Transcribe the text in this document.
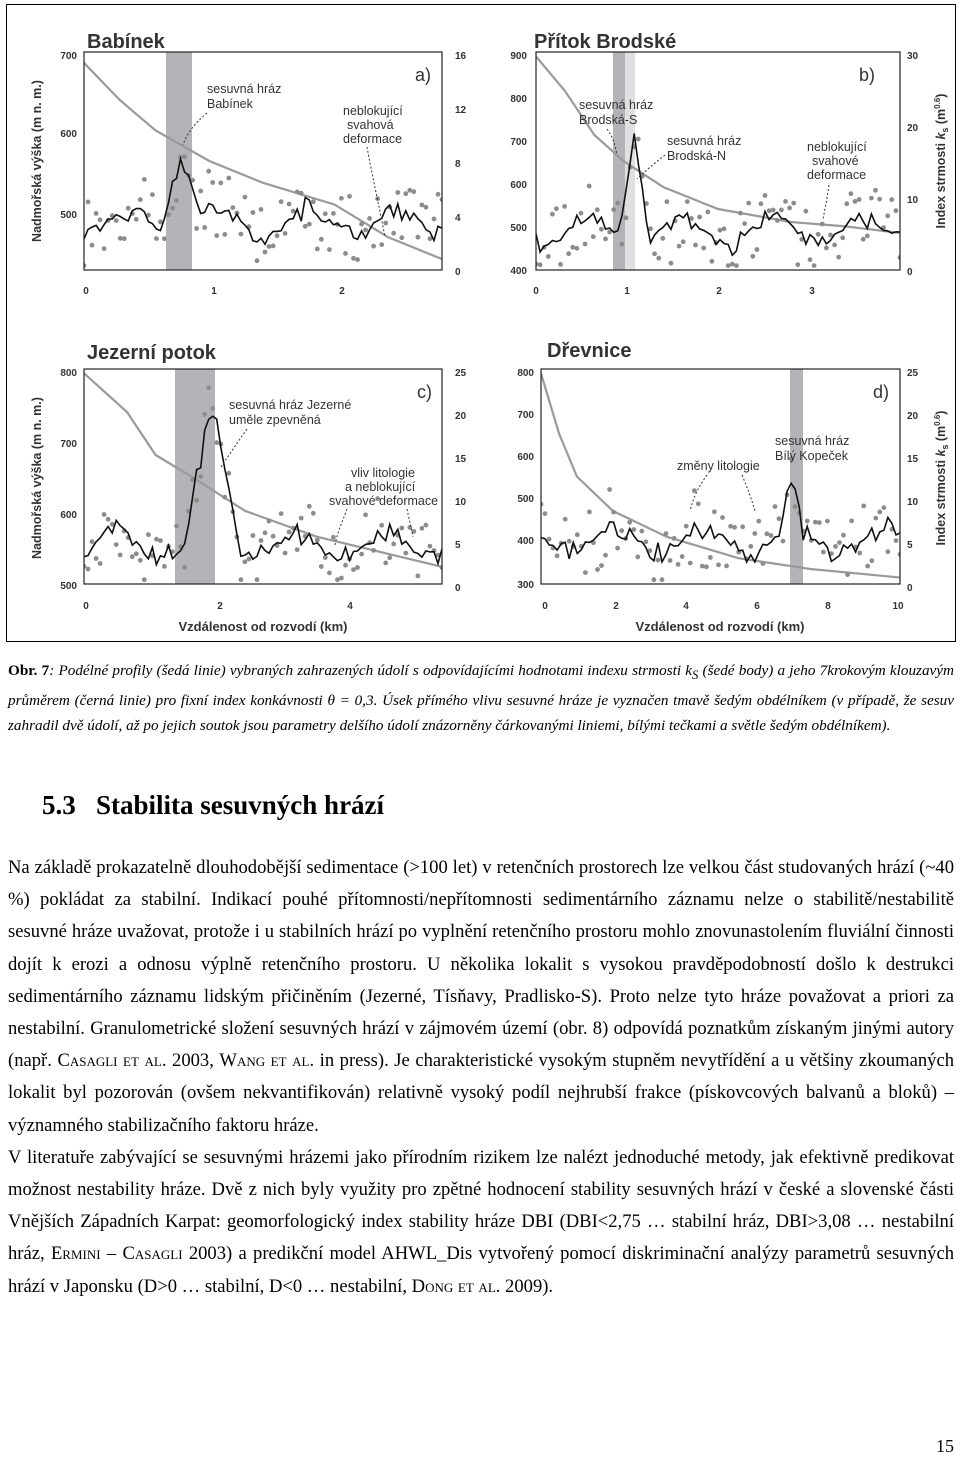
Babínek
a)
700
600
500
16
12
8
4
0
0	1	2
sesuvná hráz
Babínek	neblokující
svahová
deformace
Přítok Brodské
b)
900
800
700
600
500
400
30
20
10
0
0	1	2	3
sesuvná hráz
Brodská-S
sesuvná hráz
Brodská-N
neblokující
svahové
deformace
Jezerní potok
c)
800
700
600
500
25
20
15
10
5
0
0	2	4
sesuvná hráz Jezerné
uměle zpevněná
vliv litologie
a neblokující
svahové deformace
Dřevnice
d)
800
700
600
500
400
300
25
20
15
10
5
0
0	2	4	6	8	10
sesuvná hráz
Bílý Kopeček
změny litologie
Nadmořská výška (m n. m.)
Nadmořská výška (m n. m.)
Index strmosti $k_s$ $(m^{0.6})$
Index strmosti $k_s$ $(m^{0.6})$
Vzdálenost od rozvodí (km)	Vzdálenost od rozvodí (km)
Obr. 7: Podélné profily (šedá linie) vybraných zahrazených údolí s odpovídajícími hodnotami indexu strmosti $k_S$ (šedé body) a jeho 7krokovým klouzavým průměrem (černá linie) pro fixní index konkávnosti θ = 0,3. Úsek přímého vlivu sesuvné hráze je vyznačen tmavě šedým obdélníkem (v případě, že sesuv zahradil dvě údolí, až po jejich soutok jsou parametry delšího údolí znázorněny čárkovanými liniemi, bílými tečkami a světle šedým obdélníkem).
5.3 Stabilita sesuvných hrází

Na základě prokazatelně dlouhodobější sedimentace (>100 let) v retenčních prostorech lze velkou část studovaných hrází (~40 %) pokládat za stabilní. Indikací pouhé přítomnosti/nepřítomnosti sedimentárního záznamu nelze o stabilitě/nestabilitě sesuvné hráze uvažovat, protože i u stabilních hrází po vyplnění retenčního prostoru mohlo znovunastolením fluviální činnosti dojít k erozi a odnosu výplně retenčního prostoru. U několika lokalit s vysokou pravděpodobností došlo k destrukci sedimentárního záznamu lidským přičiněním (Jezerné, Tísňavy, Pradlisko-S). Proto nelze tyto hráze považovat a priori za nestabilní. Granulometrické složení sesuvných hrází v zájmovém území (obr. 8) odpovídá poznatkům získaným jinými autory (např. Casagli et al. 2003, Wang et al. in press). Je charakteristické vysokým stupněm nevytřídění a u většiny zkoumaných lokalit byl pozorován (ovšem nekvantifikován) relativně vysoký podíl nejhrubší frakce (pískovcových balvanů a bloků) – významného stabilizačního faktoru hráze.

V literatuře zabývající se sesuvnými hrázemi jako přírodním rizikem lze nalézt jednoduché metody, jak efektivně predikovat možnost nestability hráze. Dvě z nich byly využity pro zpětné hodnocení stability sesuvných hrází v české a slovenské části Vnějších Západních Karpat: geomorfologický index stability hráze DBI (DBI<2,75 … stabilní hráz, DBI>3,08 … nestabilní hráz, Ermini – Casagli 2003) a predikční model AHWL_Dis vytvořený pomocí diskriminační analýzy parametrů sesuvných hrází v Japonsku (D>0 … stabilní, D<0 … nestabilní, Dong et al. 2009).

15
